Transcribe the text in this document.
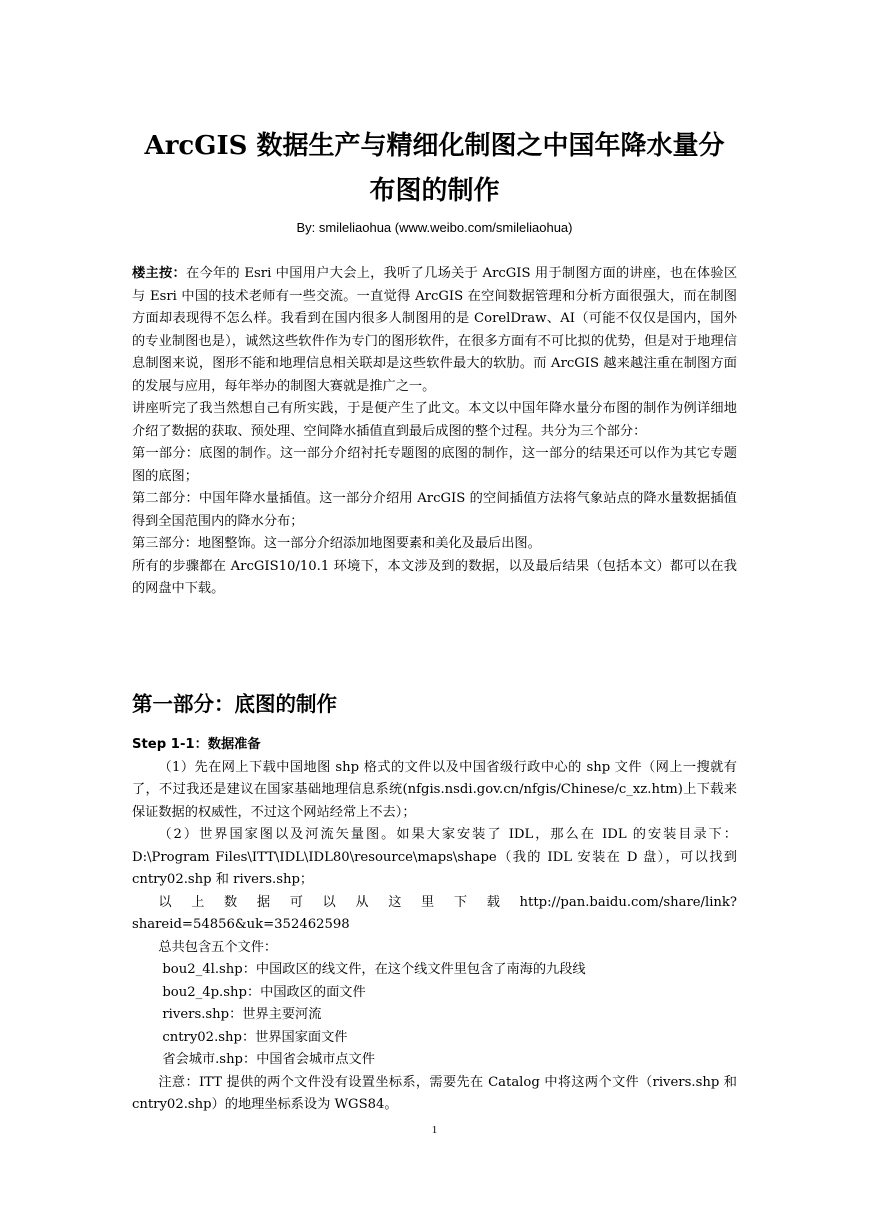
ArcGIS 数据生产与精细化制图之中国年降水量分布图的制作
By: smileliaohua (www.weibo.com/smileliaohua)

楼主按：在今年的 Esri 中国用户大会上，我听了几场关于 ArcGIS 用于制图方面的讲座，也在体验区与 Esri 中国的技术老师有一些交流。一直觉得 ArcGIS 在空间数据管理和分析方面很强大，而在制图方面却表现得不怎么样。我看到在国内很多人制图用的是 CorelDraw、AI（可能不仅仅是国内，国外的专业制图也是），诚然这些软件作为专门的图形软件，在很多方面有不可比拟的优势，但是对于地理信息制图来说，图形不能和地理信息相关联却是这些软件最大的软肋。而 ArcGIS 越来越注重在制图方面的发展与应用，每年举办的制图大赛就是推广之一。

讲座听完了我当然想自己有所实践，于是便产生了此文。本文以中国年降水量分布图的制作为例详细地介绍了数据的获取、预处理、空间降水插值直到最后成图的整个过程。共分为三个部分：

第一部分：底图的制作。这一部分介绍衬托专题图的底图的制作，这一部分的结果还可以作为其它专题图的底图；

第二部分：中国年降水量插值。这一部分介绍用 ArcGIS 的空间插值方法将气象站点的降水量数据插值得到全国范围内的降水分布；

第三部分：地图整饰。这一部分介绍添加地图要素和美化及最后出图。

所有的步骤都在 ArcGIS10/10.1 环境下，本文涉及到的数据，以及最后结果（包括本文）都可以在我的网盘中下载。

第一部分：底图的制作
Step 1-1：数据准备

（1）先在网上下载中国地图 shp 格式的文件以及中国省级行政中心的 shp 文件（网上一搜就有了，不过我还是建议在国家基础地理信息系统(nfgis.nsdi.gov.cn/nfgis/Chinese/c_xz.htm)上下载来保证数据的权威性，不过这个网站经常上不去）；

（2）世界国家图以及河流矢量图。如果大家安装了 IDL，那么在 IDL 的安装目录下：D:\Program Files\ITT\IDL\IDL80\resource\maps\shape（我的 IDL 安装在 D 盘），可以找到 cntry02.shp 和 rivers.shp；

以上数据可以从这里下载http://pan.baidu.com/share/link?shareid=54856&uk=352462598

总共包含五个文件：

bou2_4l.shp：中国政区的线文件，在这个线文件里包含了南海的九段线
bou2_4p.shp：中国政区的面文件
rivers.shp：世界主要河流
cntry02.shp：世界国家面文件
省会城市.shp：中国省会城市点文件

注意：ITT 提供的两个文件没有设置坐标系，需要先在 Catalog 中将这两个文件（rivers.shp 和 cntry02.shp）的地理坐标系设为 WGS84。

1
